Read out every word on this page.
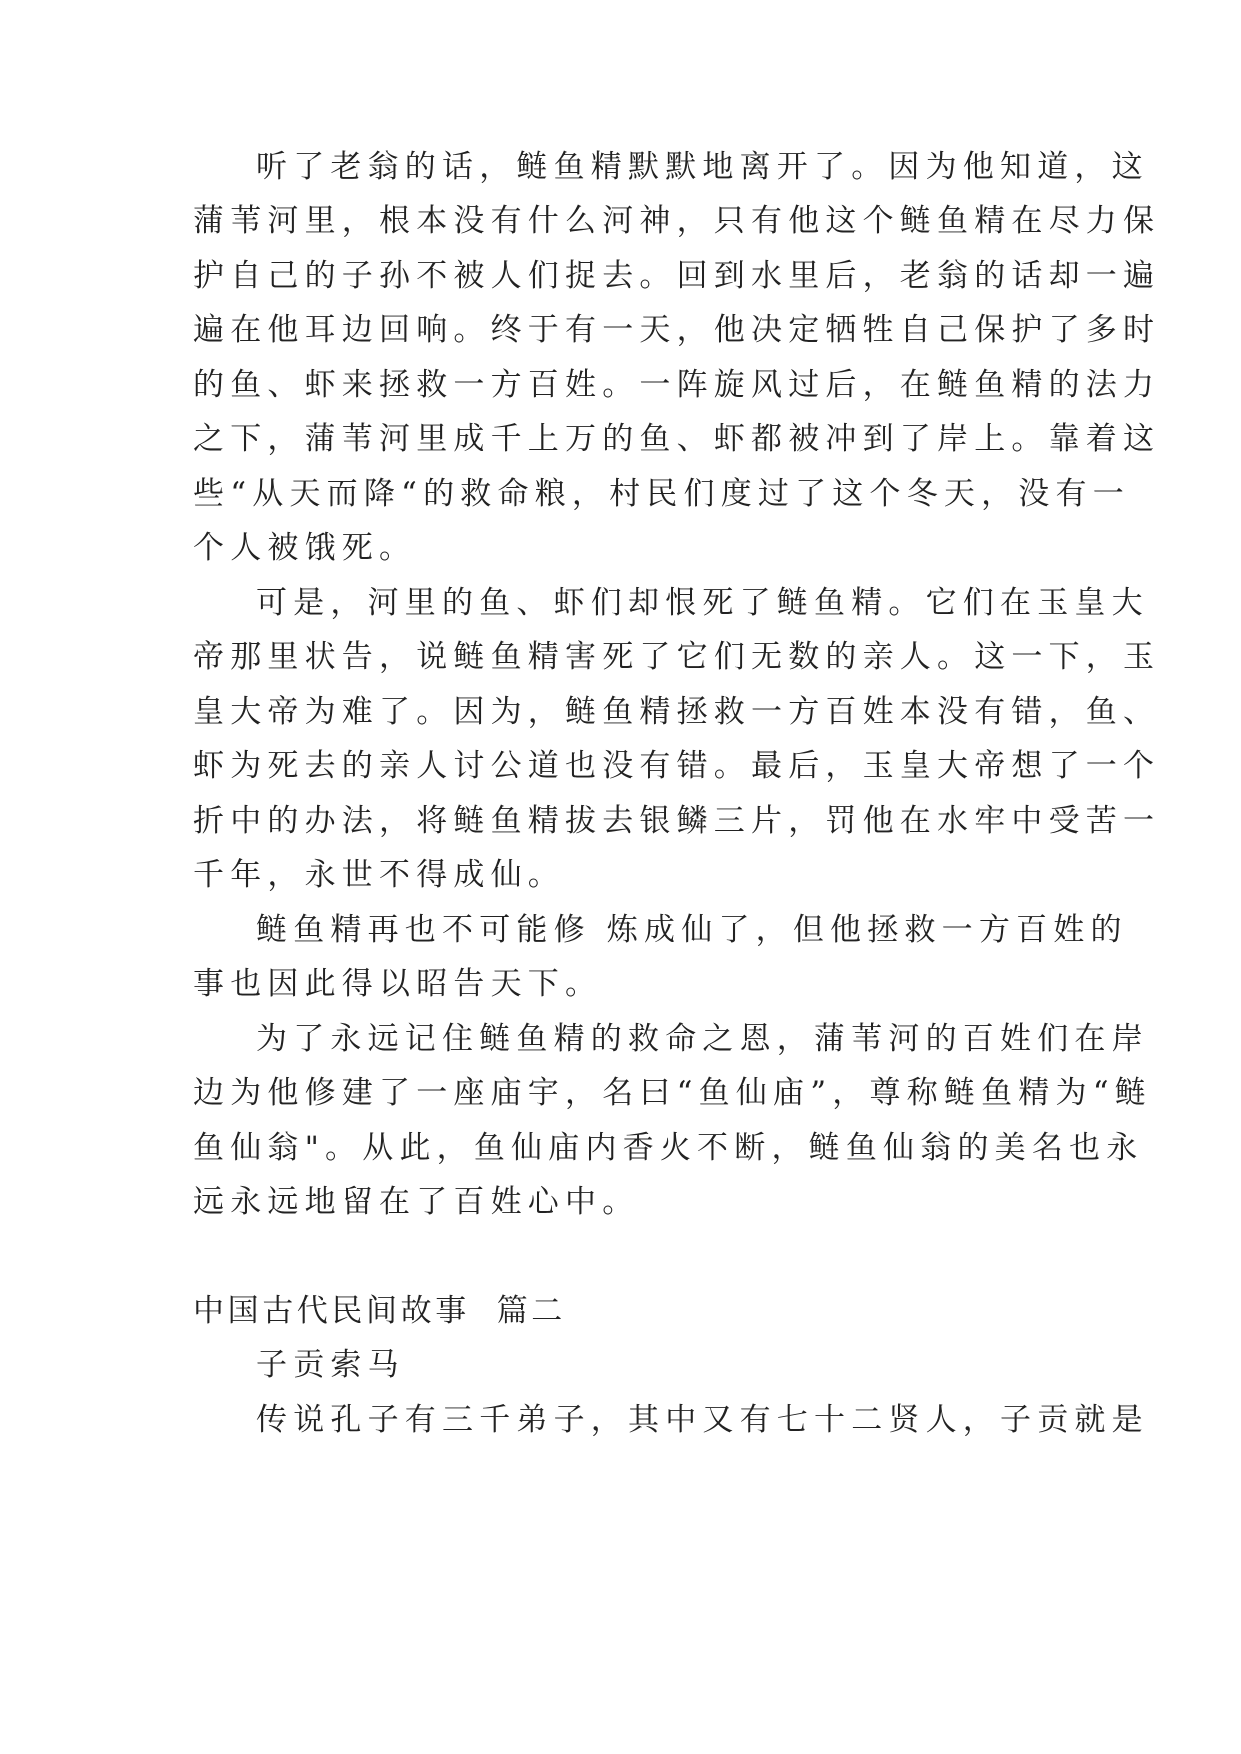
听了老翁的话，鲢鱼精默默地离开了。因为他知道，这
蒲苇河里，根本没有什么河神，只有他这个鲢鱼精在尽力保
护自己的子孙不被人们捉去。回到水里后，老翁的话却一遍
遍在他耳边回响。终于有一天，他决定牺牲自己保护了多时
的鱼、虾来拯救一方百姓。一阵旋风过后，在鲢鱼精的法力
之下，蒲苇河里成千上万的鱼、虾都被冲到了岸上。靠着这
些“从天而降“的救命粮，村民们度过了这个冬天，没有一
个人被饿死。
可是，河里的鱼、虾们却恨死了鲢鱼精。它们在玉皇大
帝那里状告，说鲢鱼精害死了它们无数的亲人。这一下，玉
皇大帝为难了。因为，鲢鱼精拯救一方百姓本没有错，鱼、
虾为死去的亲人讨公道也没有错。最后，玉皇大帝想了一个
折中的办法，将鲢鱼精拔去银鳞三片，罚他在水牢中受苦一
千年，永世不得成仙。
鲢鱼精再也不可能修 炼成仙了，但他拯救一方百姓的
事也因此得以昭告天下。
为了永远记住鲢鱼精的救命之恩，蒲苇河的百姓们在岸
边为他修建了一座庙宇，名曰“鱼仙庙”，尊称鲢鱼精为“鲢
鱼仙翁"。从此，鱼仙庙内香火不断，鲢鱼仙翁的美名也永
远永远地留在了百姓心中。
中国古代民间故事  篇二
子贡索马
传说孔子有三千弟子，其中又有七十二贤人，子贡就是
